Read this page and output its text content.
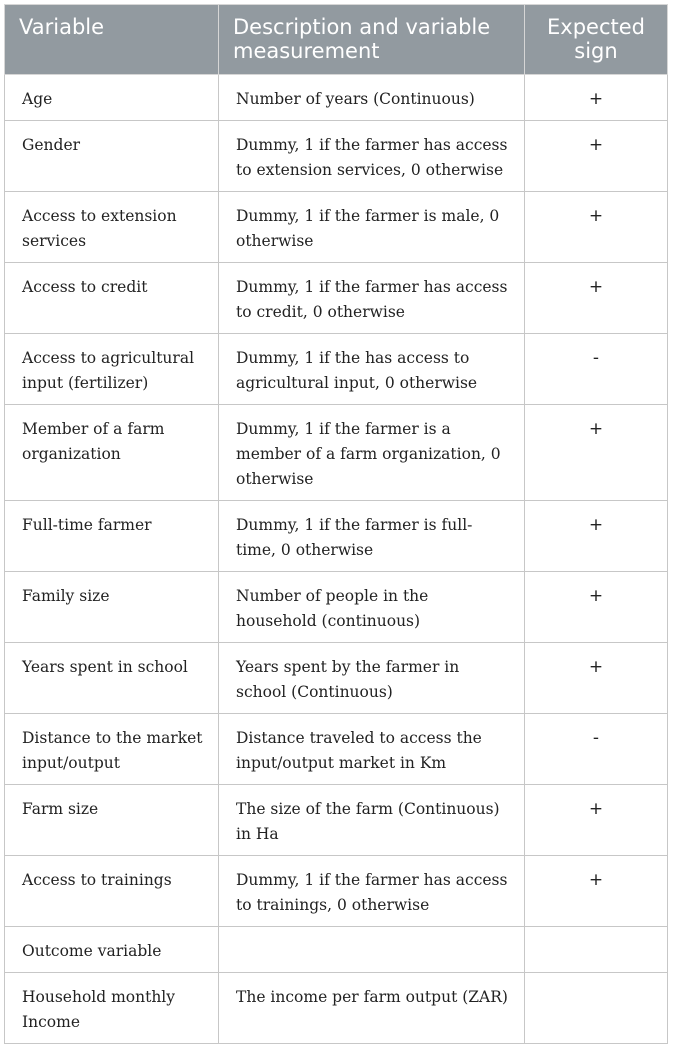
Variable	Description and variable measurement	Expected sign
Age	Number of years (Continuous)	+
Gender	Dummy, 1 if the farmer has access to extension services, 0 otherwise	+
Access to extension services	Dummy, 1 if the farmer is male, 0 otherwise	+
Access to credit	Dummy, 1 if the farmer has access to credit, 0 otherwise	+
Access to agricultural input (fertilizer)	Dummy, 1 if the has access to agricultural input, 0 otherwise	-
Member of a farm organization	Dummy, 1 if the farmer is a member of a farm organization, 0 otherwise	+
Full-time farmer	Dummy, 1 if the farmer is full-time, 0 otherwise	+
Family size	Number of people in the household (continuous)	+
Years spent in school	Years spent by the farmer in school (Continuous)	+
Distance to the market input/output	Distance traveled to access the input/output market in Km	-
Farm size	The size of the farm (Continuous) in Ha	+
Access to trainings	Dummy, 1 if the farmer has access to trainings, 0 otherwise	+
Outcome variable		
Household monthly Income	The income per farm output (ZAR)	
